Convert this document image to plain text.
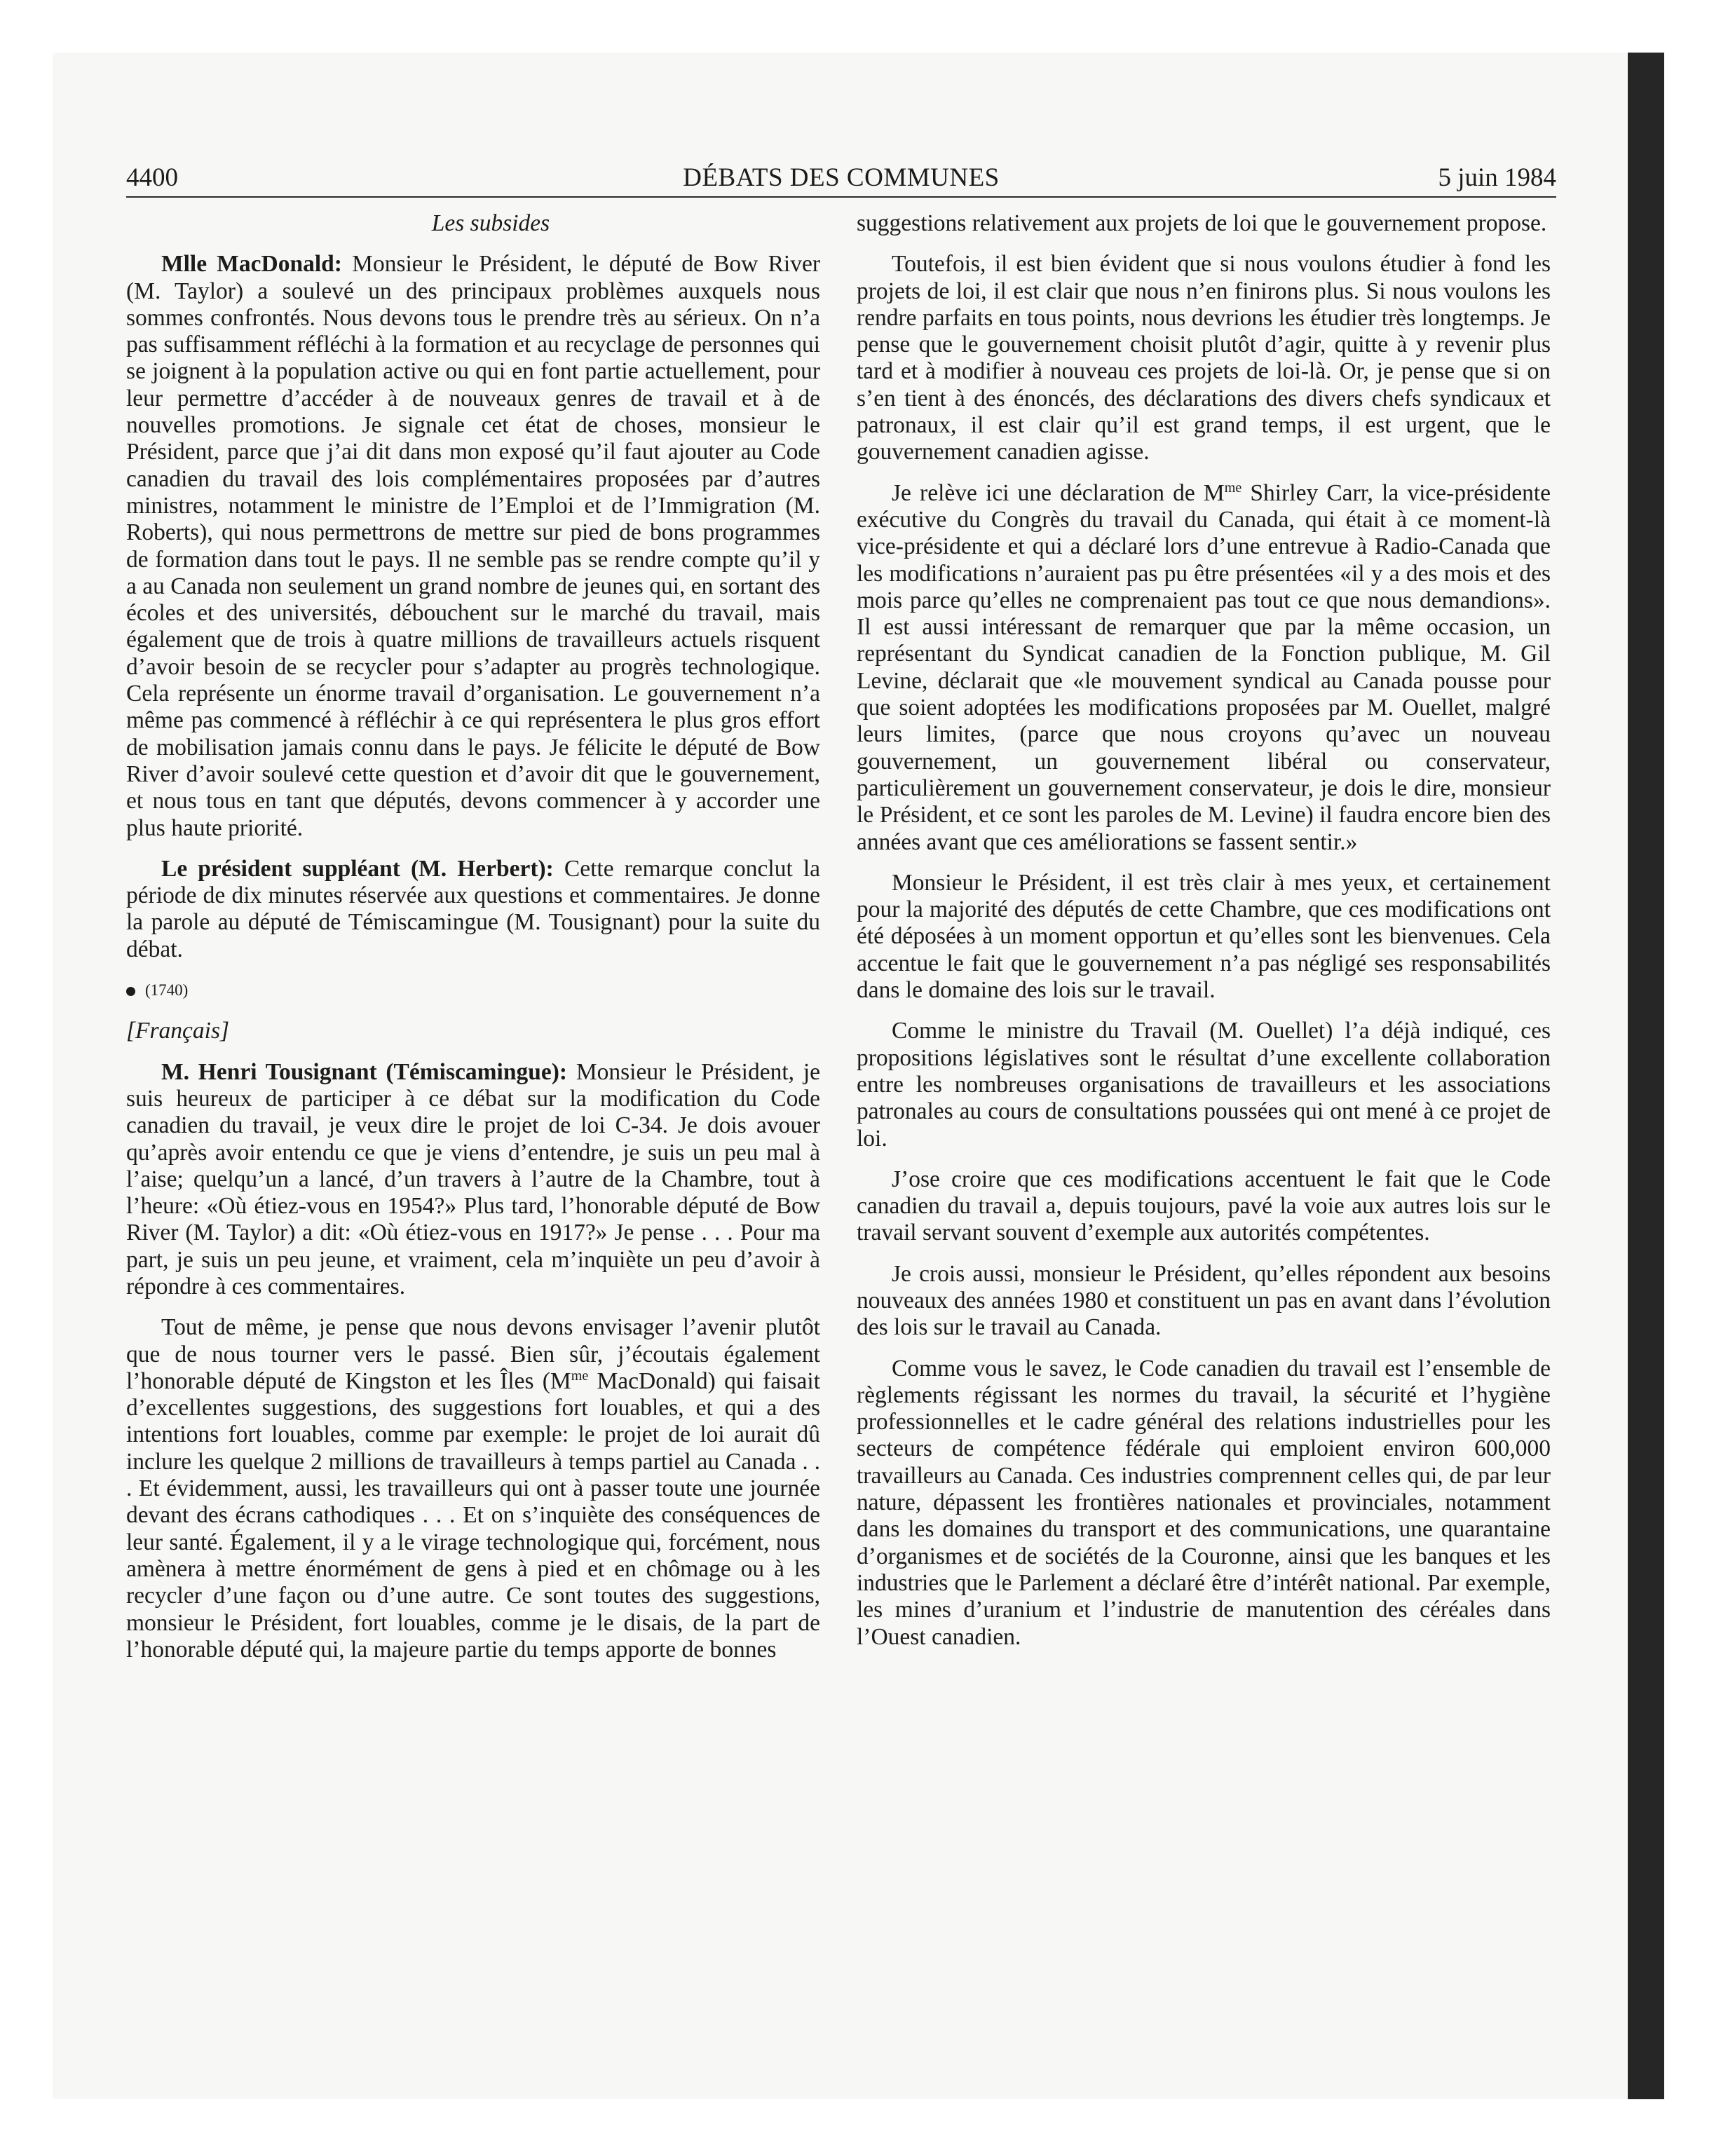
4400	DÉBATS DES COMMUNES	5 juin 1984

Les subsides

Mlle MacDonald: Monsieur le Président, le député de Bow River (M. Taylor) a soulevé un des principaux problèmes auxquels nous sommes confrontés. Nous devons tous le prendre très au sérieux. On n’a pas suffisamment réfléchi à la formation et au recyclage de personnes qui se joignent à la population active ou qui en font partie actuellement, pour leur permettre d’accéder à de nouveaux genres de travail et à de nouvelles promotions. Je signale cet état de choses, monsieur le Président, parce que j’ai dit dans mon exposé qu’il faut ajouter au Code canadien du travail des lois complémentaires proposées par d’autres ministres, notamment le ministre de l’Emploi et de l’Immigration (M. Roberts), qui nous permettrons de mettre sur pied de bons programmes de formation dans tout le pays. Il ne semble pas se rendre compte qu’il y a au Canada non seulement un grand nombre de jeunes qui, en sortant des écoles et des universités, débouchent sur le marché du travail, mais également que de trois à quatre millions de travailleurs actuels risquent d’avoir besoin de se recycler pour s’adapter au progrès technologique. Cela représente un énorme travail d’organisation. Le gouvernement n’a même pas commencé à réfléchir à ce qui représentera le plus gros effort de mobilisation jamais connu dans le pays. Je félicite le député de Bow River d’avoir soulevé cette question et d’avoir dit que le gouvernement, et nous tous en tant que députés, devons commencer à y accorder une plus haute priorité.

Le président suppléant (M. Herbert): Cette remarque conclut la période de dix minutes réservée aux questions et commentaires. Je donne la parole au député de Témiscamingue (M. Tousignant) pour la suite du débat.

(1740)

[Français]

M. Henri Tousignant (Témiscamingue): Monsieur le Président, je suis heureux de participer à ce débat sur la modification du Code canadien du travail, je veux dire le projet de loi C-34. Je dois avouer qu’après avoir entendu ce que je viens d’entendre, je suis un peu mal à l’aise; quelqu’un a lancé, d’un travers à l’autre de la Chambre, tout à l’heure: «Où étiez-vous en 1954?» Plus tard, l’honorable député de Bow River (M. Taylor) a dit: «Où étiez-vous en 1917?» Je pense . . . Pour ma part, je suis un peu jeune, et vraiment, cela m’inquiète un peu d’avoir à répondre à ces commentaires.

Tout de même, je pense que nous devons envisager l’avenir plutôt que de nous tourner vers le passé. Bien sûr, j’écoutais également l’honorable député de Kingston et les Îles ($M^{me}$ MacDonald) qui faisait d’excellentes suggestions, des suggestions fort louables, et qui a des intentions fort louables, comme par exemple: le projet de loi aurait dû inclure les quelque 2 millions de travailleurs à temps partiel au Canada . . . Et évidemment, aussi, les travailleurs qui ont à passer toute une journée devant des écrans cathodiques . . . Et on s’inquiète des conséquences de leur santé. Également, il y a le virage technologique qui, forcément, nous amènera à mettre énormément de gens à pied et en chômage ou à les recycler d’une façon ou d’une autre. Ce sont toutes des suggestions, monsieur le Président, fort louables, comme je le disais, de la part de l’honorable député qui, la majeure partie du temps apporte de bonnes

suggestions relativement aux projets de loi que le gouvernement propose.

Toutefois, il est bien évident que si nous voulons étudier à fond les projets de loi, il est clair que nous n’en finirons plus. Si nous voulons les rendre parfaits en tous points, nous devrions les étudier très longtemps. Je pense que le gouvernement choisit plutôt d’agir, quitte à y revenir plus tard et à modifier à nouveau ces projets de loi-là. Or, je pense que si on s’en tient à des énoncés, des déclarations des divers chefs syndicaux et patronaux, il est clair qu’il est grand temps, il est urgent, que le gouvernement canadien agisse.

Je relève ici une déclaration de $M^{me}$ Shirley Carr, la vice-présidente exécutive du Congrès du travail du Canada, qui était à ce moment-là vice-présidente et qui a déclaré lors d’une entrevue à Radio-Canada que les modifications n’auraient pas pu être présentées «il y a des mois et des mois parce qu’elles ne comprenaient pas tout ce que nous demandions». Il est aussi intéressant de remarquer que par la même occasion, un représentant du Syndicat canadien de la Fonction publique, M. Gil Levine, déclarait que «le mouvement syndical au Canada pousse pour que soient adoptées les modifications proposées par M. Ouellet, malgré leurs limites, (parce que nous croyons qu’avec un nouveau gouvernement, un gouvernement libéral ou conservateur, particulièrement un gouvernement conservateur, je dois le dire, monsieur le Président, et ce sont les paroles de M. Levine) il faudra encore bien des années avant que ces améliorations se fassent sentir.»

Monsieur le Président, il est très clair à mes yeux, et certainement pour la majorité des députés de cette Chambre, que ces modifications ont été déposées à un moment opportun et qu’elles sont les bienvenues. Cela accentue le fait que le gouvernement n’a pas négligé ses responsabilités dans le domaine des lois sur le travail.

Comme le ministre du Travail (M. Ouellet) l’a déjà indiqué, ces propositions législatives sont le résultat d’une excellente collaboration entre les nombreuses organisations de travailleurs et les associations patronales au cours de consultations poussées qui ont mené à ce projet de loi.

J’ose croire que ces modifications accentuent le fait que le Code canadien du travail a, depuis toujours, pavé la voie aux autres lois sur le travail servant souvent d’exemple aux autorités compétentes.

Je crois aussi, monsieur le Président, qu’elles répondent aux besoins nouveaux des années 1980 et constituent un pas en avant dans l’évolution des lois sur le travail au Canada.

Comme vous le savez, le Code canadien du travail est l’ensemble de règlements régissant les normes du travail, la sécurité et l’hygiène professionnelles et le cadre général des relations industrielles pour les secteurs de compétence fédérale qui emploient environ 600,000 travailleurs au Canada. Ces industries comprennent celles qui, de par leur nature, dépassent les frontières nationales et provinciales, notamment dans les domaines du transport et des communications, une quarantaine d’organismes et de sociétés de la Couronne, ainsi que les banques et les industries que le Parlement a déclaré être d’intérêt national. Par exemple, les mines d’uranium et l’industrie de manutention des céréales dans l’Ouest canadien.
